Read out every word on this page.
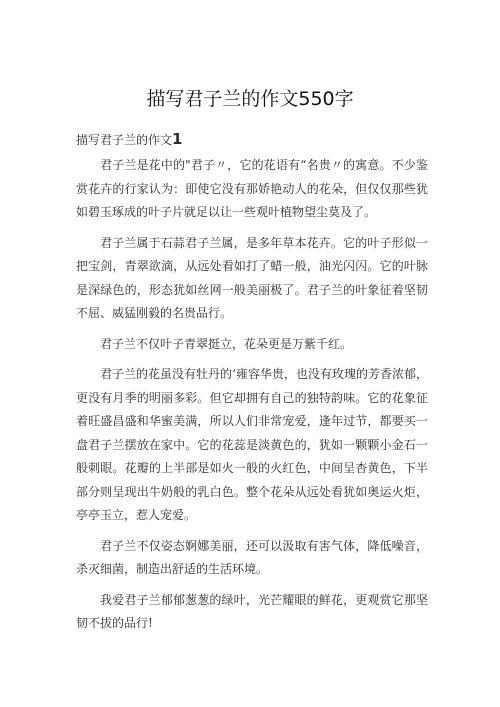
描写君子兰的作文550字

描写君子兰的作文1

君子兰是花中的"君子〃，它的花语有“名贵〃的寓意。不少鉴赏花卉的行家认为：即使它没有那娇艳动人的花朵，但仅仅那些犹如碧玉琢成的叶子片就足以让一些观叶植物望尘莫及了。

君子兰属于石蒜君子兰属，是多年草本花卉。它的叶子形似一把宝剑，青翠欲滴，从远处看如打了蜡一般，油光闪闪。它的叶脉是深绿色的，形态犹如丝网一般美丽极了。君子兰的叶象征着坚韧不屈、威猛刚毅的名贵品行。

君子兰不仅叶子青翠挺立，花朵更是万紫千红。

君子兰的花虽没有牡丹的‘雍容华贵，也没有玫瑰的芳香浓郁，更没有月季的明丽多彩。但它却拥有自己的独特韵味。它的花象征着旺盛昌盛和华蜜美满，所以人们非常宠爱，逢年过节，都要买一盘君子兰摆放在家中。它的花蕊是淡黄色的，犹如一颗颗小金石一般刺眼。花瓣的上半部是如火一般的火红色，中间呈杏黄色，下半部分则呈现出牛奶般的乳白色。整个花朵从远处看犹如奥运火炬，亭亭玉立，惹人宠爱。

君子兰不仅姿态婀娜美丽，还可以汲取有害气体，降低噪音，杀灭细菌，制造出舒适的生活环境。

我爱君子兰郁郁葱葱的绿叶，光芒耀眼的鲜花，更观赏它那坚韧不拔的品行!
